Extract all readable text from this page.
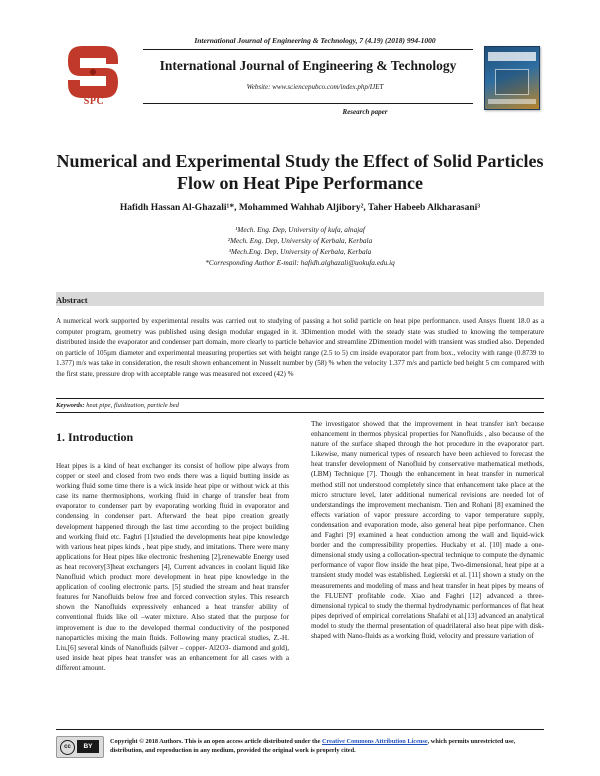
SPC
International Journal of Engineering & Technology, 7 (4.19) (2018) 994-1000
International Journal of Engineering & Technology
Website: www.sciencepubco.com/index.php/IJET
Research paper
Numerical and Experimental Study the Effect of Solid Particles
Flow on Heat Pipe Performance
Hafidh Hassan Al-Ghazali¹*, Mohammed Wahhab Aljibory², Taher Habeeb Alkharasani³
¹Mech. Eng. Dep, University of kufa, alnajaf
²Mech. Eng. Dep, University of Kerbala, Kerbala
³Mech.Eng. Dep, University of Kerbala, Kerbala
*Corresponding Author E-mail: hafidh.alghazali@uokufa.edu.iq
Abstract
A numerical work supported by experimental results was carried out to studying of passing a hot solid particle on heat pipe performance. used Ansys fluent 18.0 as a computer program, geometry was published using design modular engaged in it. 3Dimention model with the steady state was studied to knowing the temperature distributed inside the evaporator and condenser part domain, more clearly to particle behavior and streamline 2Dimention model with transient was studied also. Depended on particle of 105µm diameter and experimental measuring properties set with height range (2.5 to 5) cm inside evaporator part from box., velocity with range (0.8739 to 1.377) m/s was take in consideration, the result shown enhancement in Nusselt number by (58) % when the velocity 1.377 m/s and particle bed height 5 cm compared with the first state, pressure drop with acceptable range was measured not exceed (42) %
Keywords: heat pipe, fluidization, particle bed
1. Introduction
Heat pipes is a kind of heat exchanger its consist of hollow pipe always from copper or steel and closed from two ends there was a liquid butting inside as working fluid some time there is a wick inside heat pipe or without wick at this case its name thermosiphons, working fluid in charge of transfer heat from evaporator to condenser part by evaporating working fluid in evaporator and condensing in condenser part. Afterward the heat pipe creation greatly development happened through the last time according to the project building and working fluid etc. Faghri [1]studied the developments heat pipe knowledge with various heat pipes kinds , heat pipe study, and imitations. There were many applications for Heat pipes like electronic freshening [2],renewable Energy used as heat recovery[3]heat exchangers [4], Current advances in coolant liquid like Nanofluid which product more development in heat pipe knowledge in the application of cooling electronic parts. [5] studied the stream and heat transfer features for Nanofluids below free and forced convection styles. This research shown the Nanofluids expressively enhanced a heat transfer ability of conventional fluids like oil –water mixture. Also stated that the purpose for improvement is due to the developed thermal conductivity of the postponed nanoparticles mixing the main fluids. Following many practical studies, Z.-H. Liu,[6] several kinds of Nanofluids (silver – copper- Al2O3- diamond and gold), used inside heat pipes heat transfer was an enhancement for all cases with a different amount.
The investigator showed that the improvement in heat transfer isn't because enhancement in thermos physical properties for Nanofluids , also because of the nature of the surface shaped through the hot procedure in the evaporator part. Likewise, many numerical types of research have been achieved to forecast the heat transfer development of Nanofluid by conservative mathematical methods, (LBM) Technique [7]. Though the enhancement in heat transfer in numerical method still not understood completely since that enhancement take place at the micro structure level, later additional numerical revisions are needed lot of understandings the improvement mechanism. Tien and Rohani [8] examined the effects variation of vapor pressure according to vapor temperature supply, condensation and evaporation mode, also general heat pipe performance. Chen and Faghri [9] examined a heat conduction among the wall and liquid-wick border and the compressibility properties. Huckaby et al. [10] made a one-dimensional study using a collocation-spectral technique to compute the dynamic performance of vapor flow inside the heat pipe, Two-dimensional, heat pipe at a transient study model was established. Legierski et al. [11] shown a study on the measurements and modeling of mass and heat transfer in heat pipes by means of the FLUENT profitable code. Xiao and Faghri [12] advanced a three-dimensional typical to study the thermal hydrodynamic performances of flat heat pipes deprived of empirical correlations Shafahi et al.[13] advanced an analytical model to study the thermal presentation of quadrilateral also heat pipe with disk-shaped with Nano-fluids as a working fluid, velocity and pressure variation of
cc	BY
Copyright © 2018 Authors. This is an open access article distributed under the Creative Commons Attribution License, which permits unrestricted use, distribution, and reproduction in any medium, provided the original work is properly cited.
